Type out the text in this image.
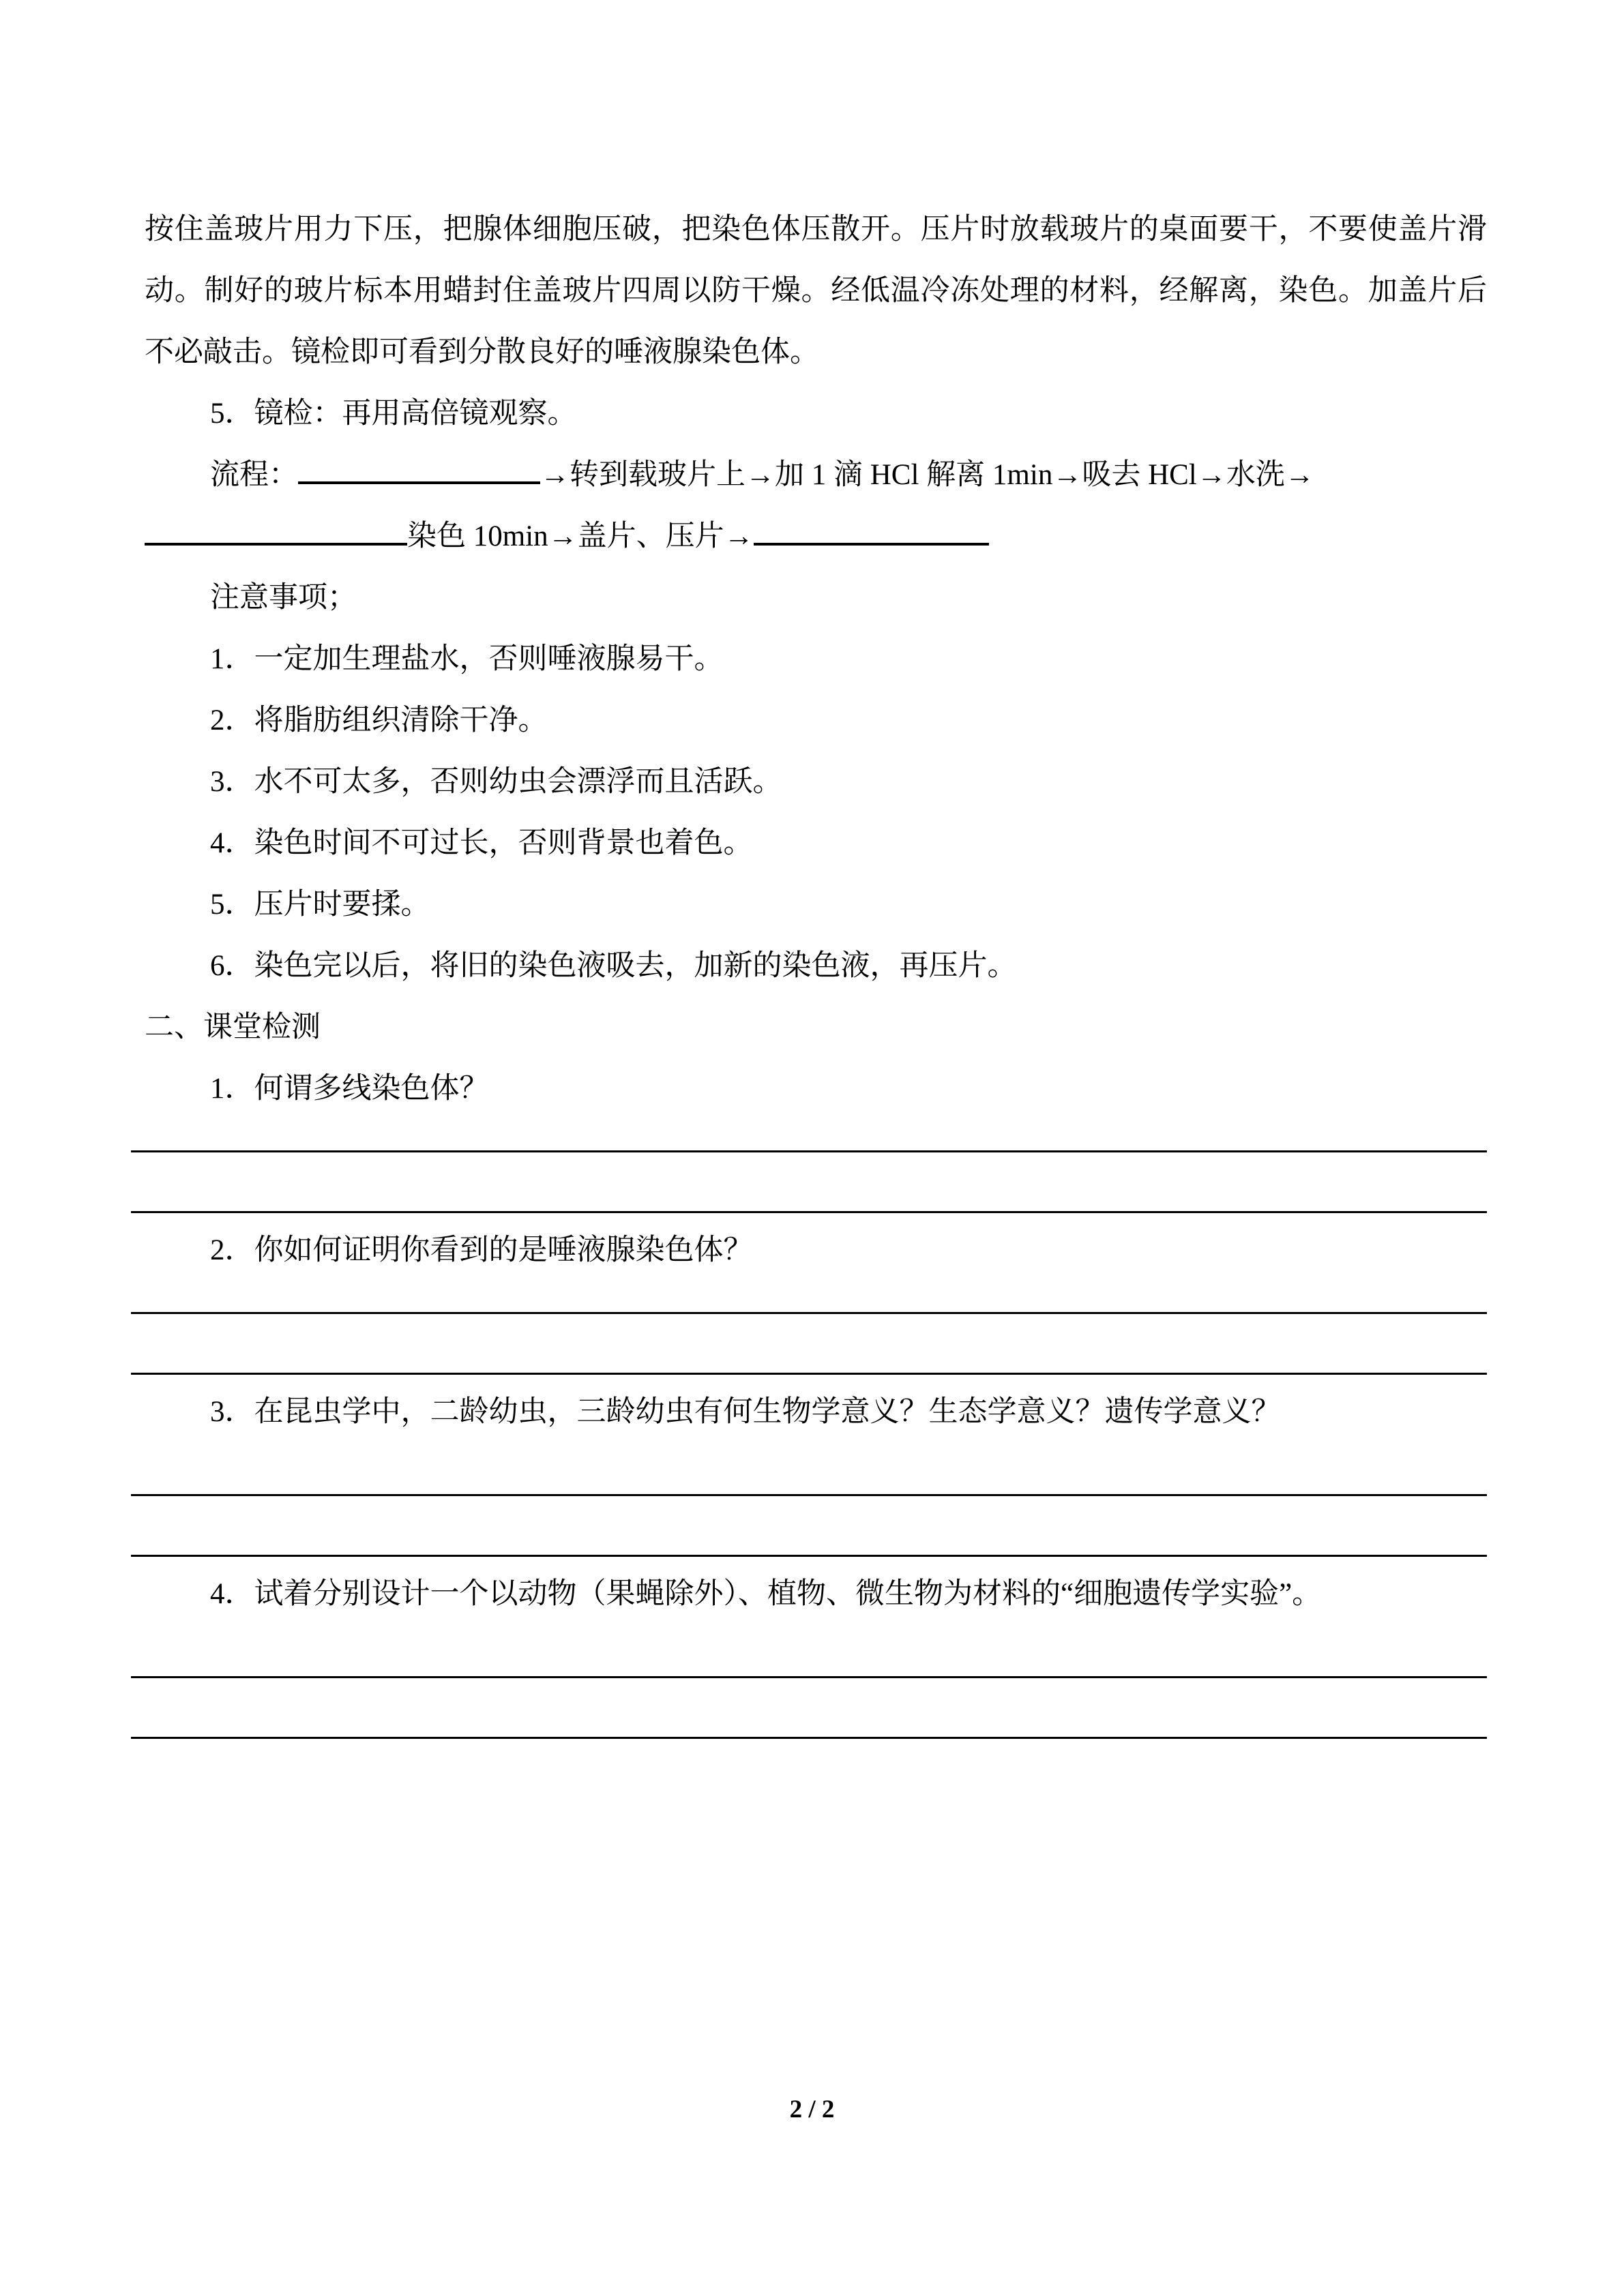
按住盖玻片用力下压，把腺体细胞压破，把染色体压散开。压片时放载玻片的桌面要干，不要使盖片滑动。制好的玻片标本用蜡封住盖玻片四周以防干燥。经低温冷冻处理的材料，经解离，染色。加盖片后不必敲击。镜检即可看到分散良好的唾液腺染色体。

5．镜检：再用高倍镜观察。

流程：	→转到载玻片上→加 1 滴 HCl 解离 1min→吸去 HCl→水洗→
染色 10min→盖片、压片→

注意事项；

1．一定加生理盐水，否则唾液腺易干。

2．将脂肪组织清除干净。

3．水不可太多，否则幼虫会漂浮而且活跃。

4．染色时间不可过长，否则背景也着色。

5．压片时要揉。

6．染色完以后，将旧的染色液吸去，加新的染色液，再压片。

二、课堂检测

1．何谓多线染色体？

2．你如何证明你看到的是唾液腺染色体？

3．在昆虫学中，二龄幼虫，三龄幼虫有何生物学意义？生态学意义？遗传学意义？

4．试着分别设计一个以动物（果蝇除外）、植物、微生物为材料的“细胞遗传学实验”。

2 / 2
